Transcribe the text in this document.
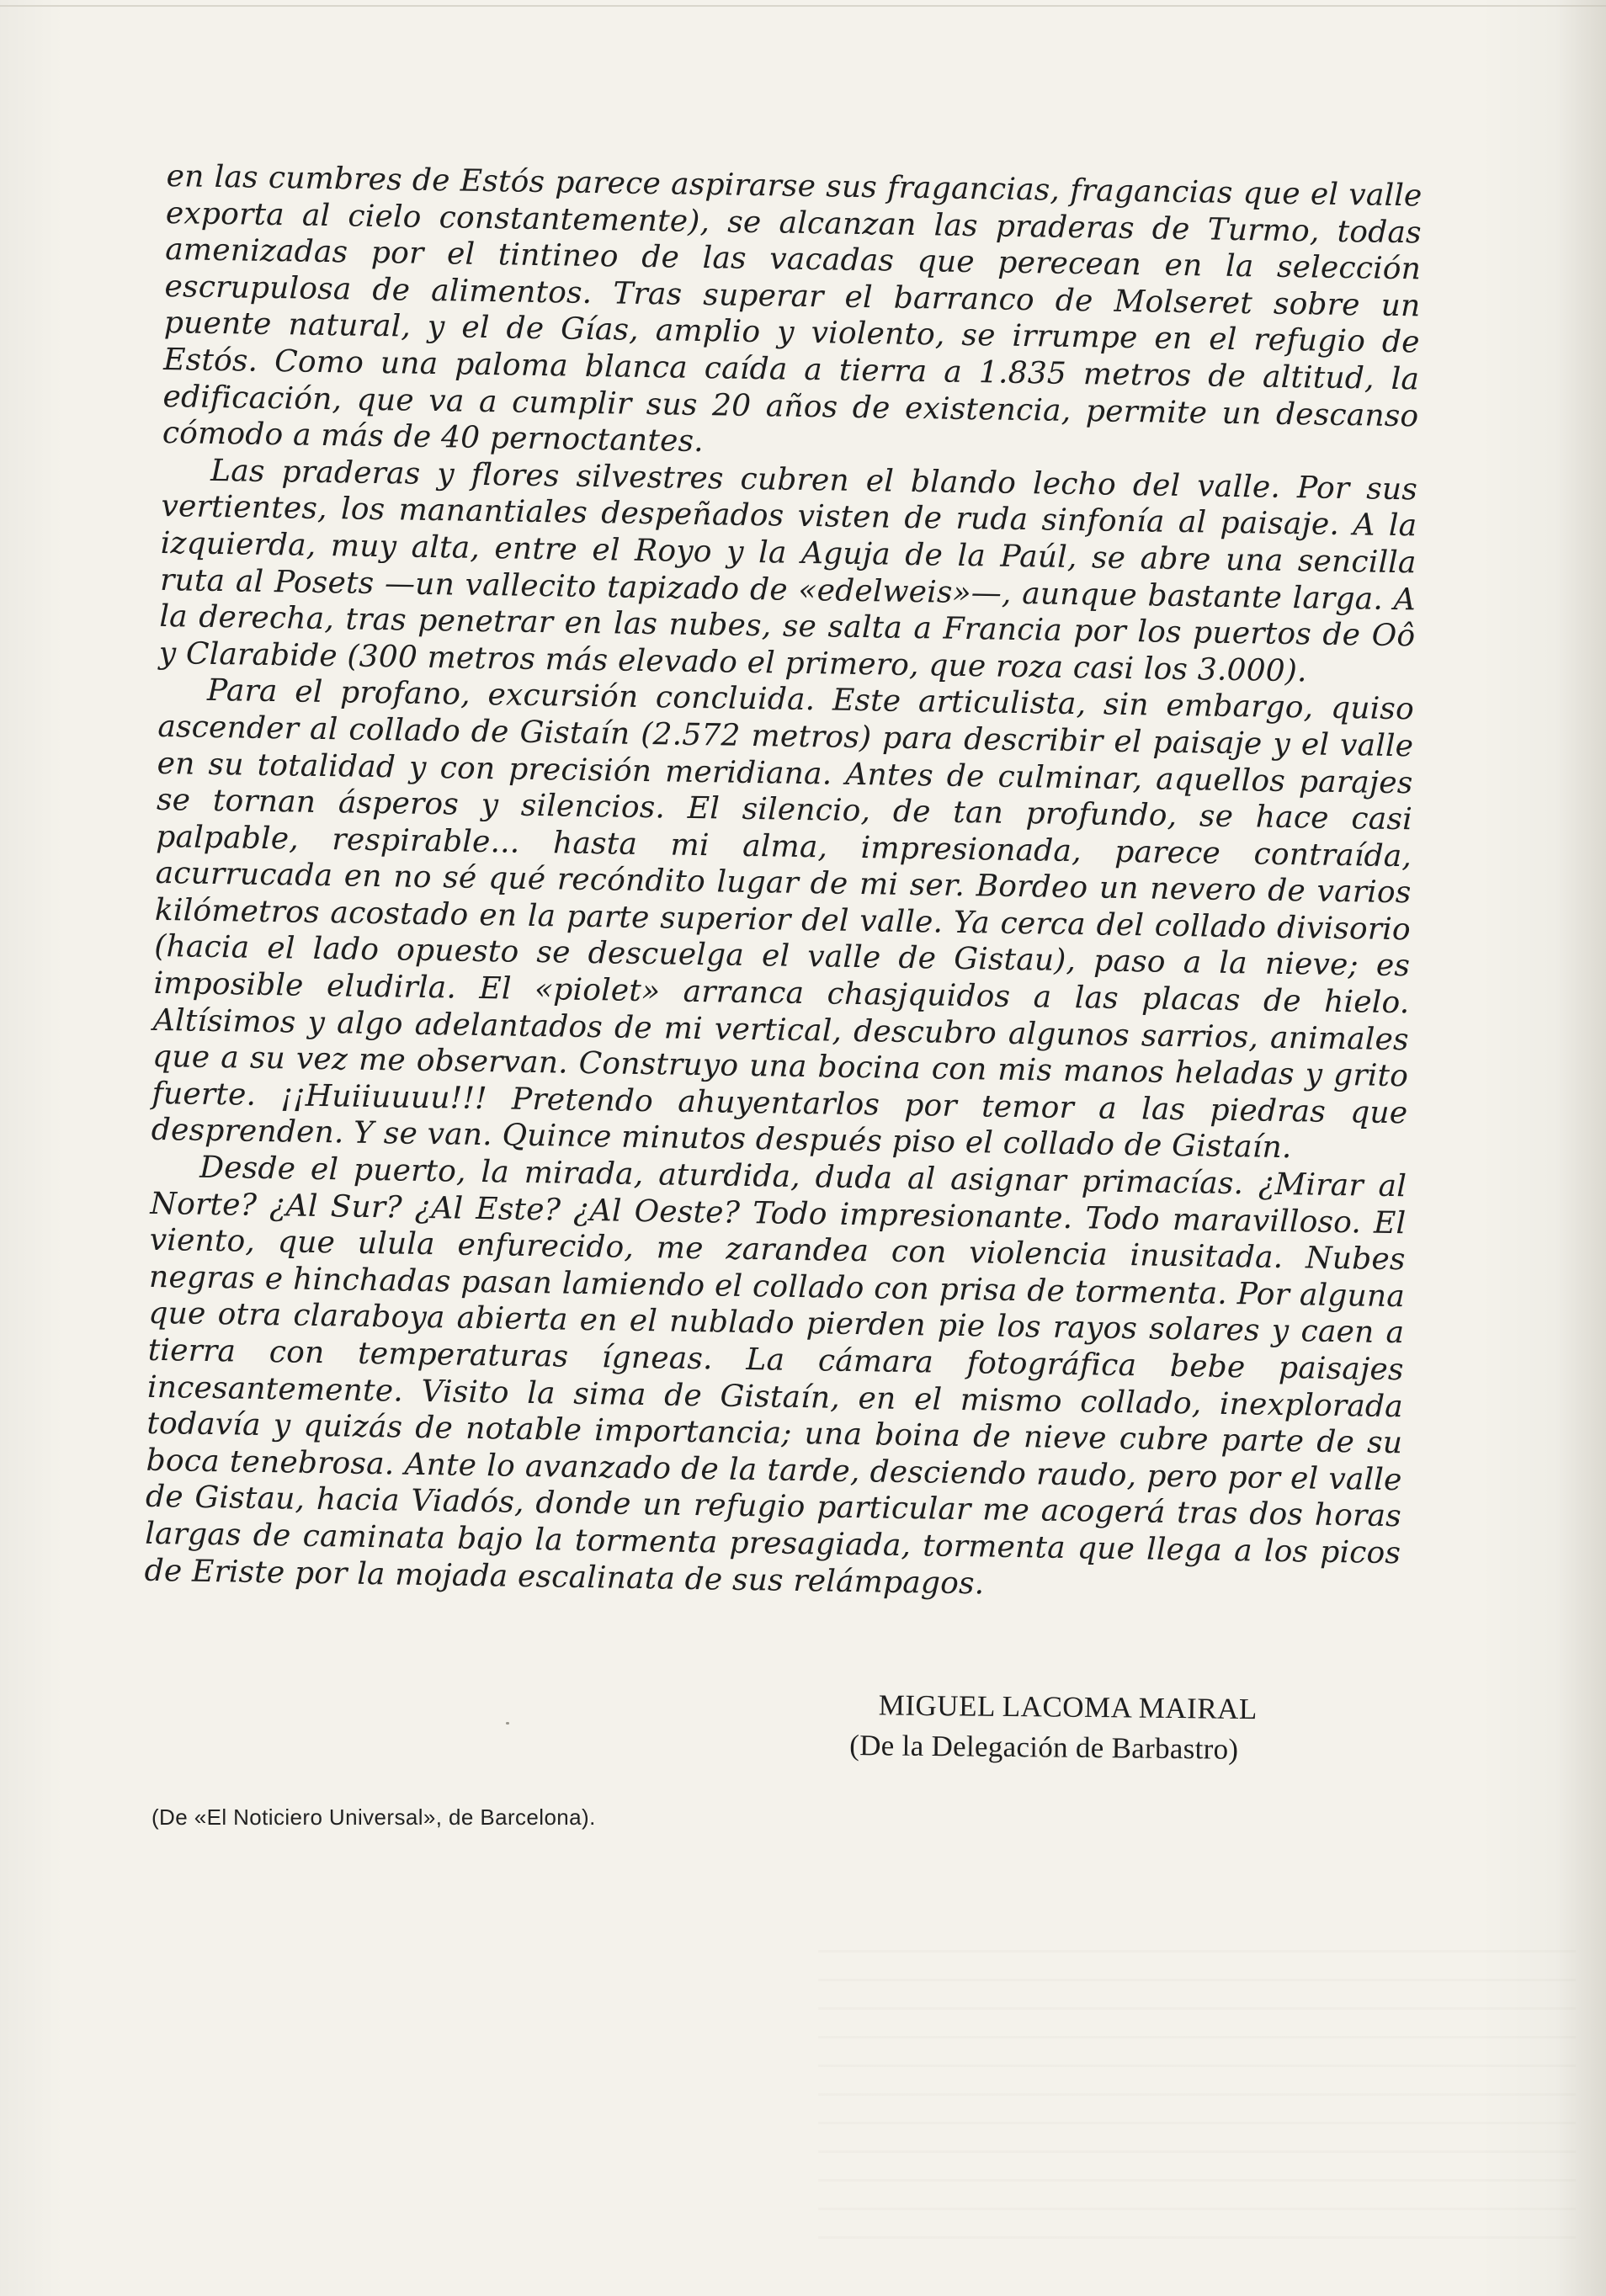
en las cumbres de Estós parece aspirarse sus fragancias, fragancias que el valle exporta al cielo constantemente), se alcanzan las praderas de Turmo, todas amenizadas por el tintineo de las vacadas que perecean en la selección escrupulosa de alimentos. Tras superar el barranco de Molseret sobre un puente natural, y el de Gías, amplio y violento, se irrumpe en el refugio de Estós. Como una paloma blanca caída a tierra a 1.835 metros de altitud, la edificación, que va a cumplir sus 20 años de existencia, permite un descanso cómodo a más de 40 pernoctantes.

Las praderas y flores silvestres cubren el blando lecho del valle. Por sus vertientes, los manantiales despeñados visten de ruda sinfonía al paisaje. A la izquierda, muy alta, entre el Royo y la Aguja de la Paúl, se abre una sencilla ruta al Posets —un vallecito tapizado de «edelweis»—, aunque bastante larga. A la derecha, tras penetrar en las nubes, se salta a Francia por los puertos de Oô y Clarabide (300 metros más elevado el primero, que roza casi los 3.000).

Para el profano, excursión concluida. Este articulista, sin embargo, quiso ascender al collado de Gistaín (2.572 metros) para describir el paisaje y el valle en su totalidad y con precisión meridiana. Antes de culminar, aquellos parajes se tornan ásperos y silencios. El silencio, de tan profundo, se hace casi palpable, respirable... hasta mi alma, impresionada, parece contraída, acurrucada en no sé qué recóndito lugar de mi ser. Bordeo un nevero de varios kilómetros acostado en la parte superior del valle. Ya cerca del collado divisorio (hacia el lado opuesto se descuelga el valle de Gistau), paso a la nieve; es imposible eludirla. El «piolet» arranca chasjquidos a las placas de hielo. Altísimos y algo adelantados de mi vertical, descubro algunos sarrios, animales que a su vez me observan. Construyo una bocina con mis manos heladas y grito fuerte. ¡¡Huiiuuuu!!! Pretendo ahuyentarlos por temor a las piedras que desprenden. Y se van. Quince minutos después piso el collado de Gistaín.

Desde el puerto, la mirada, aturdida, duda al asignar primacías. ¿Mirar al Norte? ¿Al Sur? ¿Al Este? ¿Al Oeste? Todo impresionante. Todo maravilloso. El viento, que ulula enfurecido, me zarandea con violencia inusitada. Nubes negras e hinchadas pasan lamiendo el collado con prisa de tormenta. Por alguna que otra claraboya abierta en el nublado pierden pie los rayos solares y caen a tierra con temperaturas ígneas. La cámara fotográfica bebe paisajes incesantemente. Visito la sima de Gistaín, en el mismo collado, inexplorada todavía y quizás de notable importancia; una boina de nieve cubre parte de su boca tenebrosa. Ante lo avanzado de la tarde, desciendo raudo, pero por el valle de Gistau, hacia Viadós, donde un refugio particular me acogerá tras dos horas largas de caminata bajo la tormenta presagiada, tormenta que llega a los picos de Eriste por la mojada escalinata de sus relámpagos.

MIGUEL LACOMA MAIRAL
(De la Delegación de Barbastro)
(De «El Noticiero Universal», de Barcelona).
